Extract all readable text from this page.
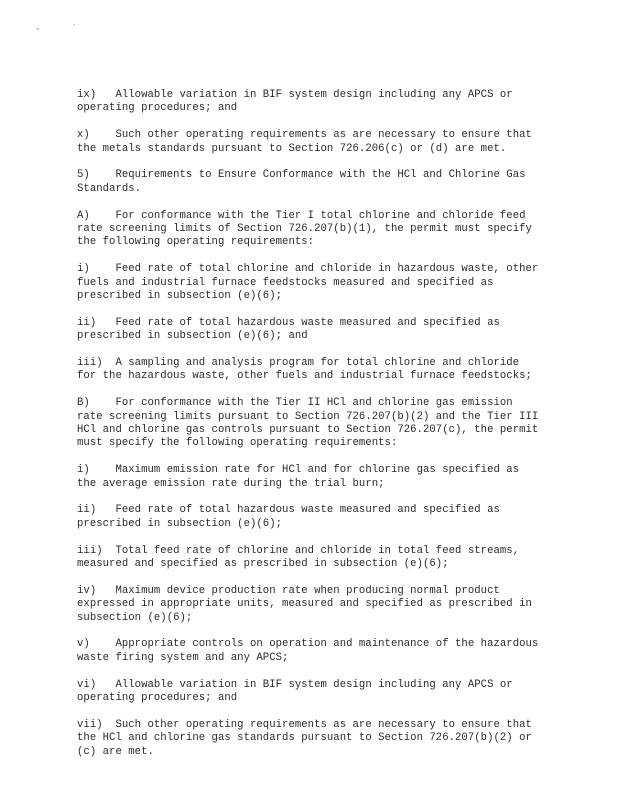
ix)   Allowable variation in BIF system design including any APCS or
operating procedures; and

x)    Such other operating requirements as are necessary to ensure that
the metals standards pursuant to Section 726.206(c) or (d) are met.

5)    Requirements to Ensure Conformance with the HCl and Chlorine Gas
Standards.

A)    For conformance with the Tier I total chlorine and chloride feed
rate screening limits of Section 726.207(b)(1), the permit must specify
the following operating requirements:

i)    Feed rate of total chlorine and chloride in hazardous waste, other
fuels and industrial furnace feedstocks measured and specified as
prescribed in subsection (e)(6);

ii)   Feed rate of total hazardous waste measured and specified as
prescribed in subsection (e)(6); and

iii)  A sampling and analysis program for total chlorine and chloride
for the hazardous waste, other fuels and industrial furnace feedstocks;

B)    For conformance with the Tier II HCl and chlorine gas emission
rate screening limits pursuant to Section 726.207(b)(2) and the Tier III
HCl and chlorine gas controls pursuant to Section 726.207(c), the permit
must specify the following operating requirements:

i)    Maximum emission rate for HCl and for chlorine gas specified as
the average emission rate during the trial burn;

ii)   Feed rate of total hazardous waste measured and specified as
prescribed in subsection (e)(6);

iii)  Total feed rate of chlorine and chloride in total feed streams,
measured and specified as prescribed in subsection (e)(6);

iv)   Maximum device production rate when producing normal product
expressed in appropriate units, measured and specified as prescribed in
subsection (e)(6);

v)    Appropriate controls on operation and maintenance of the hazardous
waste firing system and any APCS;

vi)   Allowable variation in BIF system design including any APCS or
operating procedures; and

vii)  Such other operating requirements as are necessary to ensure that
the HCl and chlorine gas standards pursuant to Section 726.207(b)(2) or
(c) are met.
